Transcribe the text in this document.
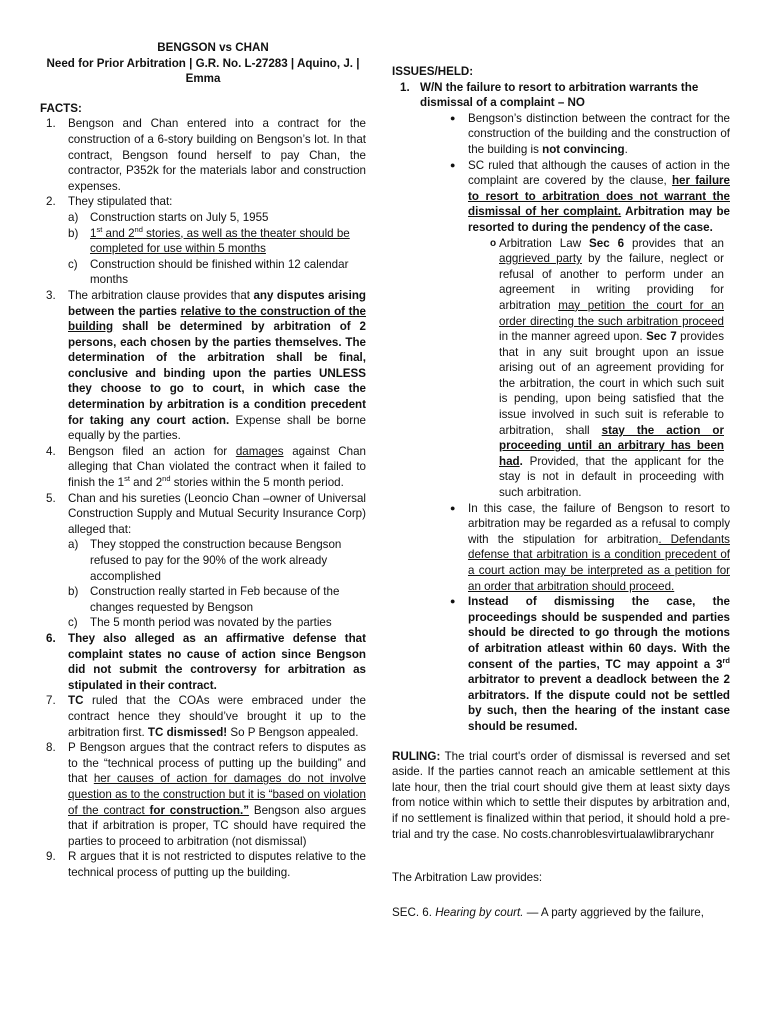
BENGSON vs CHAN
Need for Prior Arbitration | G.R. No. L-27283 | Aquino, J. |
Emma
FACTS:
1. Bengson and Chan entered into a contract for the construction of a 6-story building on Bengson’s lot. In that contract, Bengson found herself to pay Chan, the contractor, P352k for the materials labor and construction expenses.
2. They stipulated that:
a) Construction starts on July 5, 1955
b) 1st and 2nd stories, as well as the theater should be completed for use within 5 months
c) Construction should be finished within 12 calendar months
3. The arbitration clause provides that any disputes arising between the parties relative to the construction of the building shall be determined by arbitration of 2 persons, each chosen by the parties themselves. The determination of the arbitration shall be final, conclusive and binding upon the parties UNLESS they choose to go to court, in which case the determination by arbitration is a condition precedent for taking any court action. Expense shall be borne equally by the parties.
4. Bengson filed an action for damages against Chan alleging that Chan violated the contract when it failed to finish the 1st and 2nd stories within the 5 month period.
5. Chan and his sureties (Leoncio Chan –owner of Universal Construction Supply and Mutual Security Insurance Corp) alleged that:
a) They stopped the construction because Bengson refused to pay for the 90% of the work already accomplished
b) Construction really started in Feb because of the changes requested by Bengson
c) The 5 month period was novated by the parties
6. They also alleged as an affirmative defense that complaint states no cause of action since Bengson did not submit the controversy for arbitration as stipulated in their contract.
7. TC ruled that the COAs were embraced under the contract hence they should’ve brought it up to the arbitration first. TC dismissed! So P Bengson appealed.
8. P Bengson argues that the contract refers to disputes as to the “technical process of putting up the building” and that her causes of action for damages do not involve question as to the construction but it is “based on violation of the contract for construction.” Bengson also argues that if arbitration is proper, TC should have required the parties to proceed to arbitration (not dismissal)
9. R argues that it is not restricted to disputes relative to the technical process of putting up the building.
ISSUES/HELD:
1. W/N the failure to resort to arbitration warrants the dismissal of a complaint – NO
● Bengson’s distinction between the contract for the construction of the building and the construction of the building is not convincing.
● SC ruled that although the causes of action in the complaint are covered by the clause, her failure to resort to arbitration does not warrant the dismissal of her complaint. Arbitration may be resorted to during the pendency of the case.
o Arbitration Law Sec 6 provides that an aggrieved party by the failure, neglect or refusal of another to perform under an agreement in writing providing for arbitration may petition the court for an order directing the such arbitration proceed in the manner agreed upon. Sec 7 provides that in any suit brought upon an issue arising out of an agreement providing for the arbitration, the court in which such suit is pending, upon being satisfied that the issue involved in such suit is referable to arbitration, shall stay the action or proceeding until an arbitrary has been had. Provided, that the applicant for the stay is not in default in proceeding with such arbitration.
● In this case, the failure of Bengson to resort to arbitration may be regarded as a refusal to comply with the stipulation for arbitration. Defendants defense that arbitration is a condition precedent of a court action may be interpreted as a petition for an order that arbitration should proceed.
● Instead of dismissing the case, the proceedings should be suspended and parties should be directed to go through the motions of arbitration atleast within 60 days. With the consent of the parties, TC may appoint a 3rd arbitrator to prevent a deadlock between the 2 arbitrators. If the dispute could not be settled by such, then the hearing of the instant case should be resumed.
RULING: The trial court's order of dismissal is reversed and set aside. If the parties cannot reach an amicable settlement at this late hour, then the trial court should give them at least sixty days from notice within which to settle their disputes by arbitration and, if no settlement is finalized within that period, it should hold a pre-trial and try the case. No costs.chanroblesvirtualawlibrarychanr
The Arbitration Law provides:
SEC. 6. Hearing by court. — A party aggrieved by the failure,
